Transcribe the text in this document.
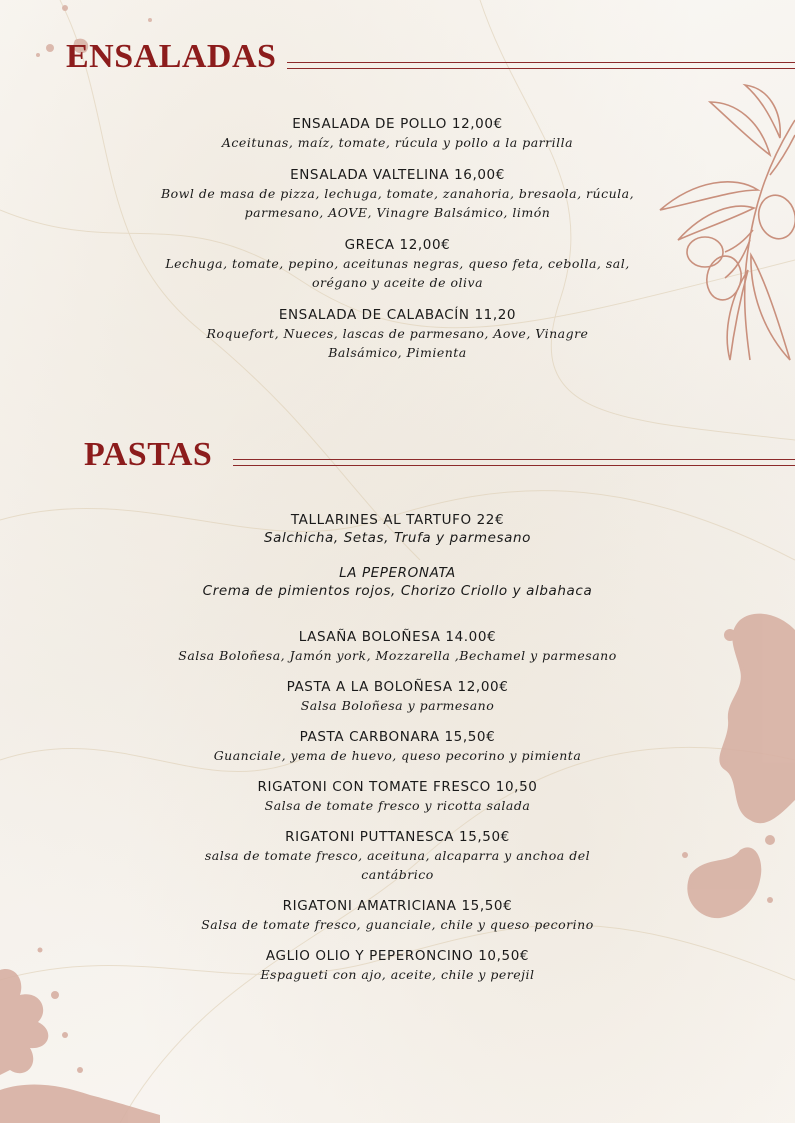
ENSALADAS
ENSALADA DE POLLO 12,00€
Aceitunas, maíz, tomate, rúcula y pollo a la parrilla
ENSALADA VALTELINA 16,00€
Bowl de masa de pizza, lechuga, tomate, zanahoria, bresaola, rúcula, parmesano, AOVE, Vinagre Balsámico, limón
GRECA 12,00€
Lechuga, tomate, pepino, aceitunas negras, queso feta, cebolla, sal, orégano y aceite de oliva
ENSALADA DE CALABACÍN 11,20
Roquefort, Nueces, lascas de parmesano, Aove, Vinagre Balsámico, Pimienta
PASTAS
TALLARINES AL TARTUFO 22€
Salchicha, Setas, Trufa y parmesano
LA PEPERONATA
Crema de pimientos rojos, Chorizo Criollo y albahaca
LASAÑA BOLOÑESA 14.00€
Salsa Boloñesa, Jamón york, Mozzarella ,Bechamel y parmesano
PASTA A LA BOLOÑESA 12,00€
Salsa Boloñesa y parmesano
PASTA CARBONARA 15,50€
Guanciale, yema de huevo, queso pecorino y pimienta
RIGATONI CON TOMATE FRESCO 10,50
Salsa de tomate fresco y ricotta salada
RIGATONI PUTTANESCA 15,50€
salsa de tomate fresco, aceituna, alcaparra y anchoa del cantábrico
RIGATONI AMATRICIANA 15,50€
Salsa de tomate fresco, guanciale, chile y queso pecorino
AGLIO OLIO Y PEPERONCINO 10,50€
Espagueti con ajo, aceite, chile y perejil
